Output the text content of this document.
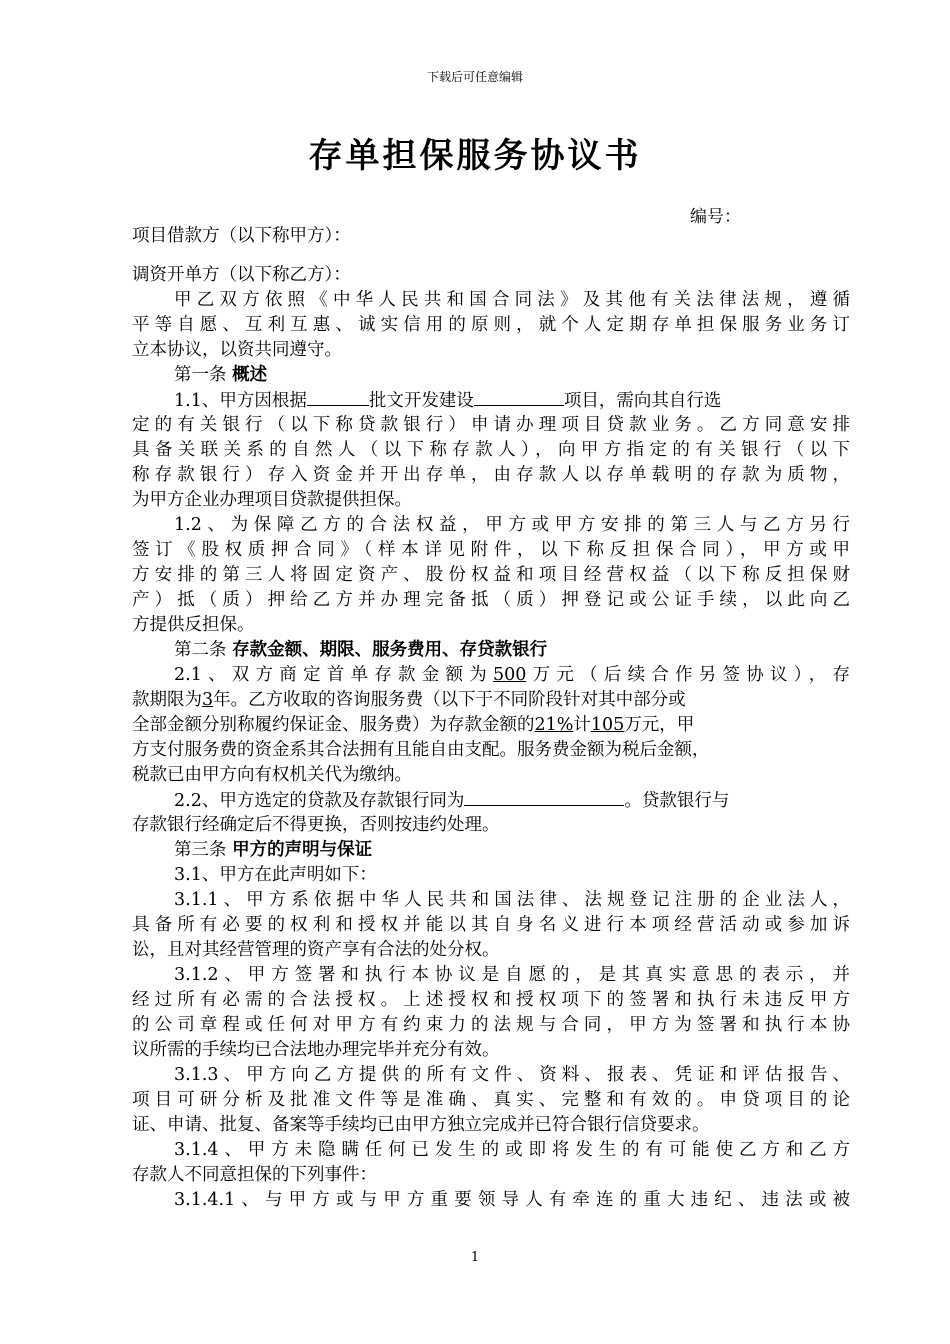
下载后可任意编辑
存单担保服务协议书
编号：
项目借款方（以下称甲方）：
调资开单方（以下称乙方）：
甲乙双方依照《中华人民共和国合同法》及其他有关法律法规，遵循
平等自愿、互利互惠、诚实信用的原则，就个人定期存单担保服务业务订
立本协议，以资共同遵守。
第一条 概述
1.1、甲方因根据	批文开发建设	项目，需向其自行选
定的有关银行（以下称贷款银行）申请办理项目贷款业务。乙方同意安排
具备关联关系的自然人（以下称存款人），向甲方指定的有关银行（以下
称存款银行）存入资金并开出存单，由存款人以存单载明的存款为质物，
为甲方企业办理项目贷款提供担保。
1.2、为保障乙方的合法权益，甲方或甲方安排的第三人与乙方另行
签订《股权质押合同》（样本详见附件，以下称反担保合同），甲方或甲
方安排的第三人将固定资产、股份权益和项目经营权益（以下称反担保财
产）抵（质）押给乙方并办理完备抵（质）押登记或公证手续，以此向乙
方提供反担保。
第二条 存款金额、期限、服务费用、存贷款银行
2.1、双方商定首单存款金额为500万元（后续合作另签协议），存
款期限为3年。乙方收取的咨询服务费（以下于不同阶段针对其中部分或
全部金额分别称履约保证金、服务费）为存款金额的21%计105万元，甲
方支付服务费的资金系其合法拥有且能自由支配。服务费金额为税后金额，
税款已由甲方向有权机关代为缴纳。
2.2、甲方选定的贷款及存款银行同为	。贷款银行与
存款银行经确定后不得更换，否则按违约处理。
第三条 甲方的声明与保证
3.1、甲方在此声明如下：
3.1.1、甲方系依据中华人民共和国法律、法规登记注册的企业法人，
具备所有必要的权利和授权并能以其自身名义进行本项经营活动或参加诉
讼，且对其经营管理的资产享有合法的处分权。
3.1.2、甲方签署和执行本协议是自愿的，是其真实意思的表示，并
经过所有必需的合法授权。上述授权和授权项下的签署和执行未违反甲方
的公司章程或任何对甲方有约束力的法规与合同，甲方为签署和执行本协
议所需的手续均已合法地办理完毕并充分有效。
3.1.3、甲方向乙方提供的所有文件、资料、报表、凭证和评估报告、
项目可研分析及批准文件等是准确、真实、完整和有效的。申贷项目的论
证、申请、批复、备案等手续均已由甲方独立完成并已符合银行信贷要求。
3.1.4、甲方未隐瞒任何已发生的或即将发生的有可能使乙方和乙方
存款人不同意担保的下列事件：
3.1.4.1、与甲方或与甲方重要领导人有牵连的重大违纪、违法或被
1
